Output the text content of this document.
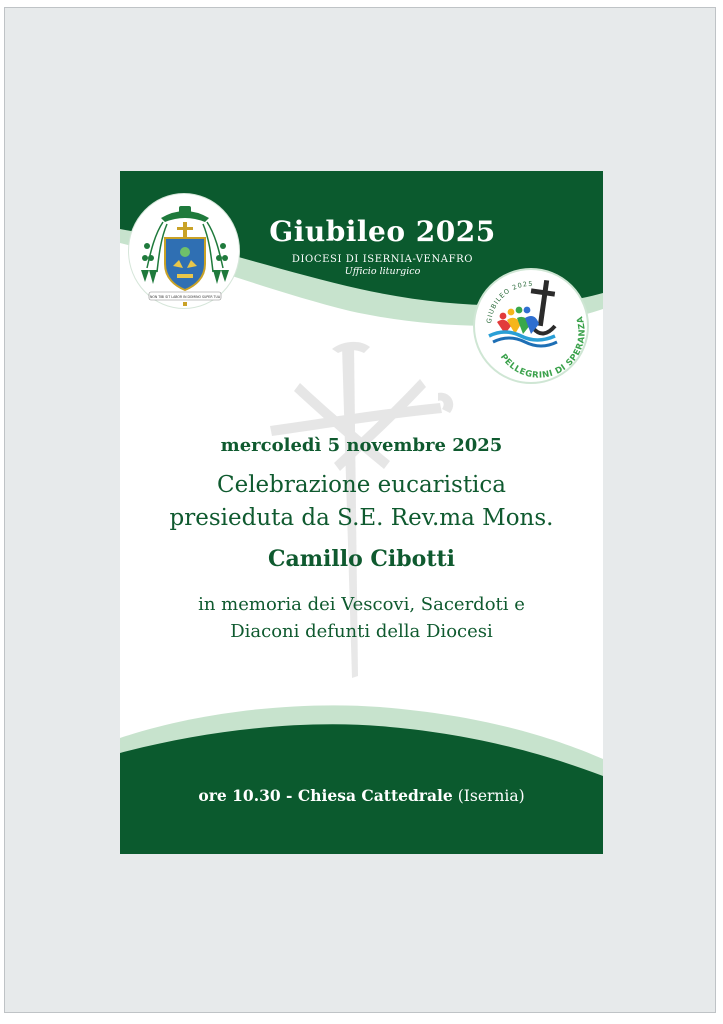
NON TIBI SIT LABOR IN DOMINO SUPER TUA
Giubileo 2025
DIOCESI DI ISERNIA-VENAFRO
Ufficio liturgico
GIUBILEO 2025
PELLEGRINI DI SPERANZA
mercoledì 5 novembre 2025
Celebrazione eucaristica
presieduta da S.E. Rev.ma Mons.
Camillo Cibotti
in memoria dei Vescovi, Sacerdoti e
Diaconi defunti della Diocesi
ore 10.30 - Chiesa Cattedrale (Isernia)
